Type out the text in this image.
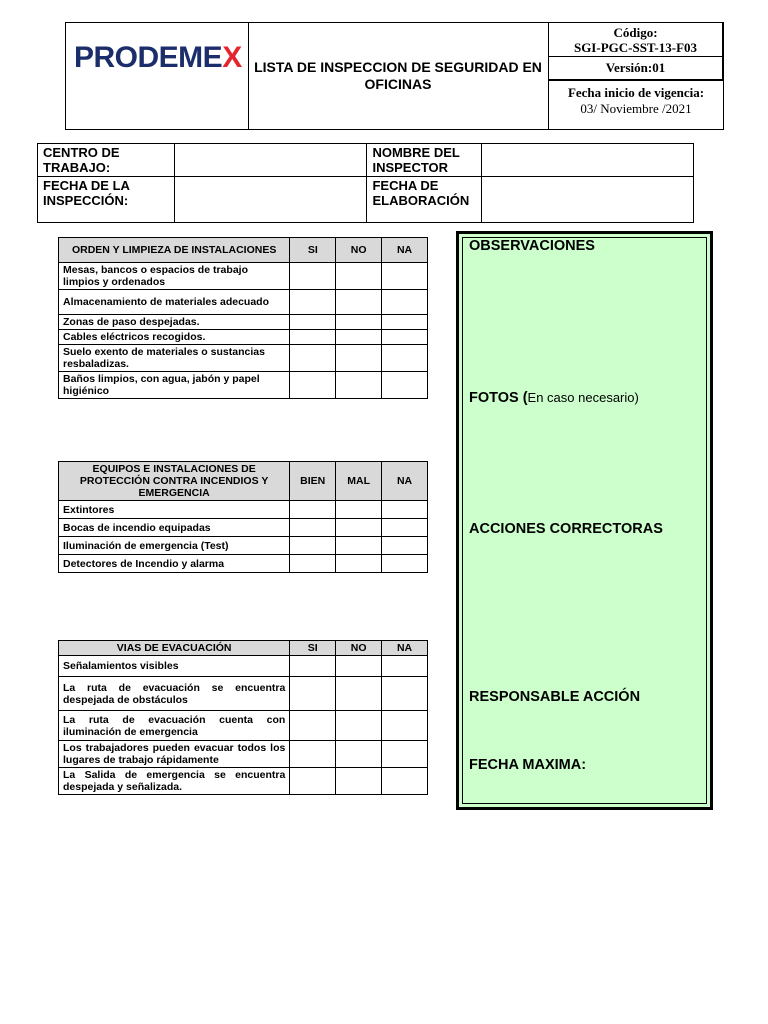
PRODEMEX LISTA DE INSPECCION DE SEGURIDAD EN OFICINAS
Código:
SGI-PGC-SST-13-F03
Versión:01
Fecha inicio de vigencia:
03/ Noviembre /2021
CENTRO DE TRABAJO:		NOMBRE DEL INSPECTOR	
FECHA DE LA INSPECCIÓN:		FECHA DE ELABORACIÓN	
ORDEN Y LIMPIEZA DE INSTALACIONES	SI	NO	NA
Mesas, bancos o espacios de trabajo limpios y ordenados			
Almacenamiento de materiales adecuado			
Zonas de paso despejadas.			
Cables eléctricos recogidos.			
Suelo exento de materiales o sustancias resbaladizas.			
Baños limpios, con agua, jabón y papel higiénico			
EQUIPOS E INSTALACIONES DE PROTECCIÓN CONTRA INCENDIOS Y EMERGENCIA	BIEN	MAL	NA
Extintores			
Bocas de incendio equipadas			
Iluminación de emergencia (Test)			
Detectores de Incendio y alarma			
VIAS DE EVACUACIÓN	SI	NO	NA
Señalamientos visibles			
La ruta de evacuación se encuentra despejada de obstáculos			
La ruta de evacuación cuenta con iluminación de emergencia			
Los trabajadores pueden evacuar todos los lugares de trabajo rápidamente			
La Salida de emergencia se encuentra despejada y señalizada.			
OBSERVACIONES
FOTOS (En caso necesario)
ACCIONES CORRECTORAS
RESPONSABLE ACCIÓN
FECHA MAXIMA:
